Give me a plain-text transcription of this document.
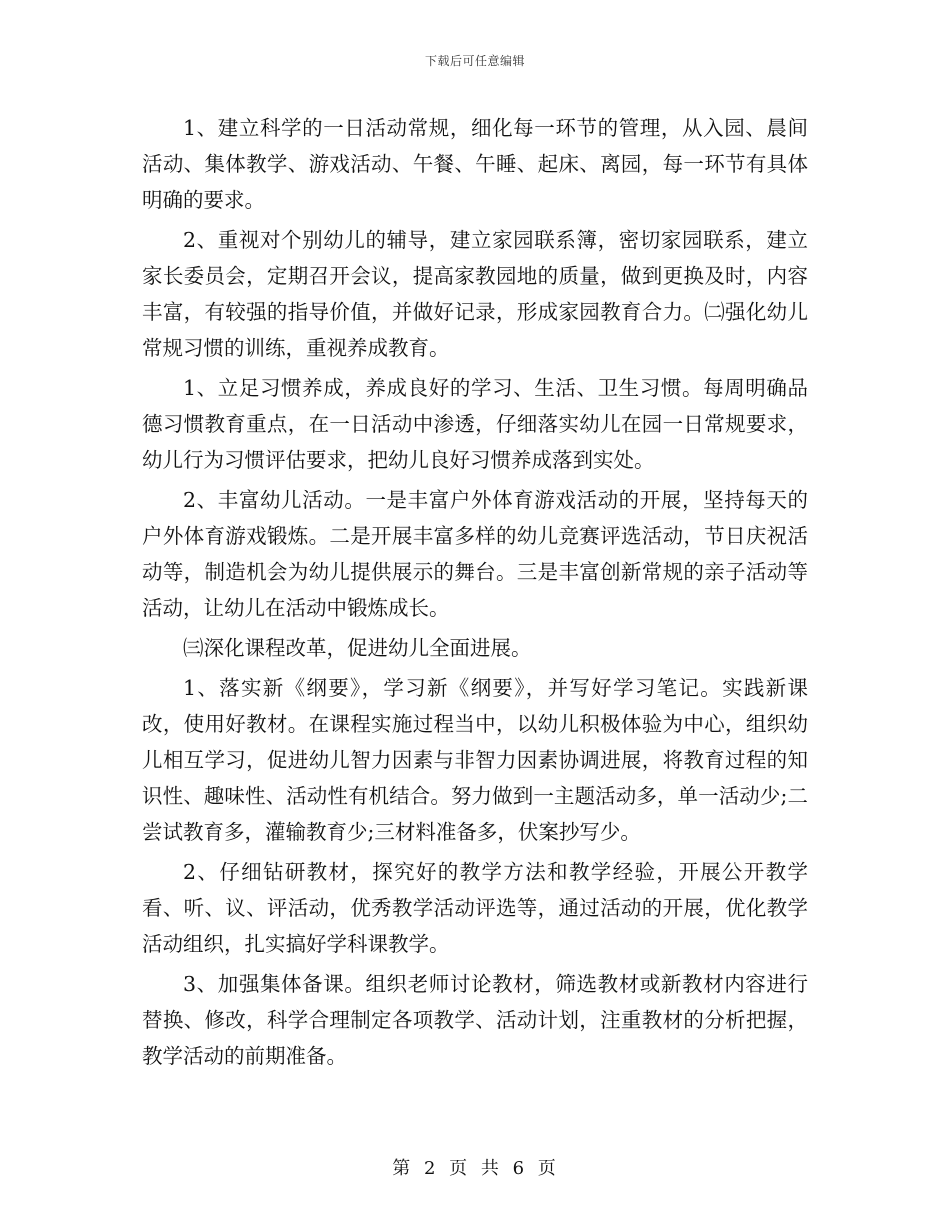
下载后可任意编辑

1、建立科学的一日活动常规，细化每一环节的管理，从入园、晨间活动、集体教学、游戏活动、午餐、午睡、起床、离园，每一环节有具体明确的要求。

2、重视对个别幼儿的辅导，建立家园联系簿，密切家园联系，建立家长委员会，定期召开会议，提高家教园地的质量，做到更换及时，内容丰富，有较强的指导价值，并做好记录，形成家园教育合力。㈡强化幼儿常规习惯的训练，重视养成教育。

1、立足习惯养成，养成良好的学习、生活、卫生习惯。每周明确品德习惯教育重点，在一日活动中渗透，仔细落实幼儿在园一日常规要求，幼儿行为习惯评估要求，把幼儿良好习惯养成落到实处。

2、丰富幼儿活动。一是丰富户外体育游戏活动的开展，坚持每天的户外体育游戏锻炼。二是开展丰富多样的幼儿竞赛评选活动，节日庆祝活动等，制造机会为幼儿提供展示的舞台。三是丰富创新常规的亲子活动等活动，让幼儿在活动中锻炼成长。

㈢深化课程改革，促进幼儿全面进展。

1、落实新《纲要》，学习新《纲要》，并写好学习笔记。实践新课改，使用好教材。在课程实施过程当中，以幼儿积极体验为中心，组织幼儿相互学习，促进幼儿智力因素与非智力因素协调进展，将教育过程的知识性、趣味性、活动性有机结合。努力做到一主题活动多，单一活动少;二尝试教育多，灌输教育少;三材料准备多，伏案抄写少。

2、仔细钻研教材，探究好的教学方法和教学经验，开展公开教学看、听、议、评活动，优秀教学活动评选等，通过活动的开展，优化教学活动组织，扎实搞好学科课教学。

3、加强集体备课。组织老师讨论教材，筛选教材或新教材内容进行替换、修改，科学合理制定各项教学、活动计划，注重教材的分析把握，教学活动的前期准备。

第 2 页 共 6 页
